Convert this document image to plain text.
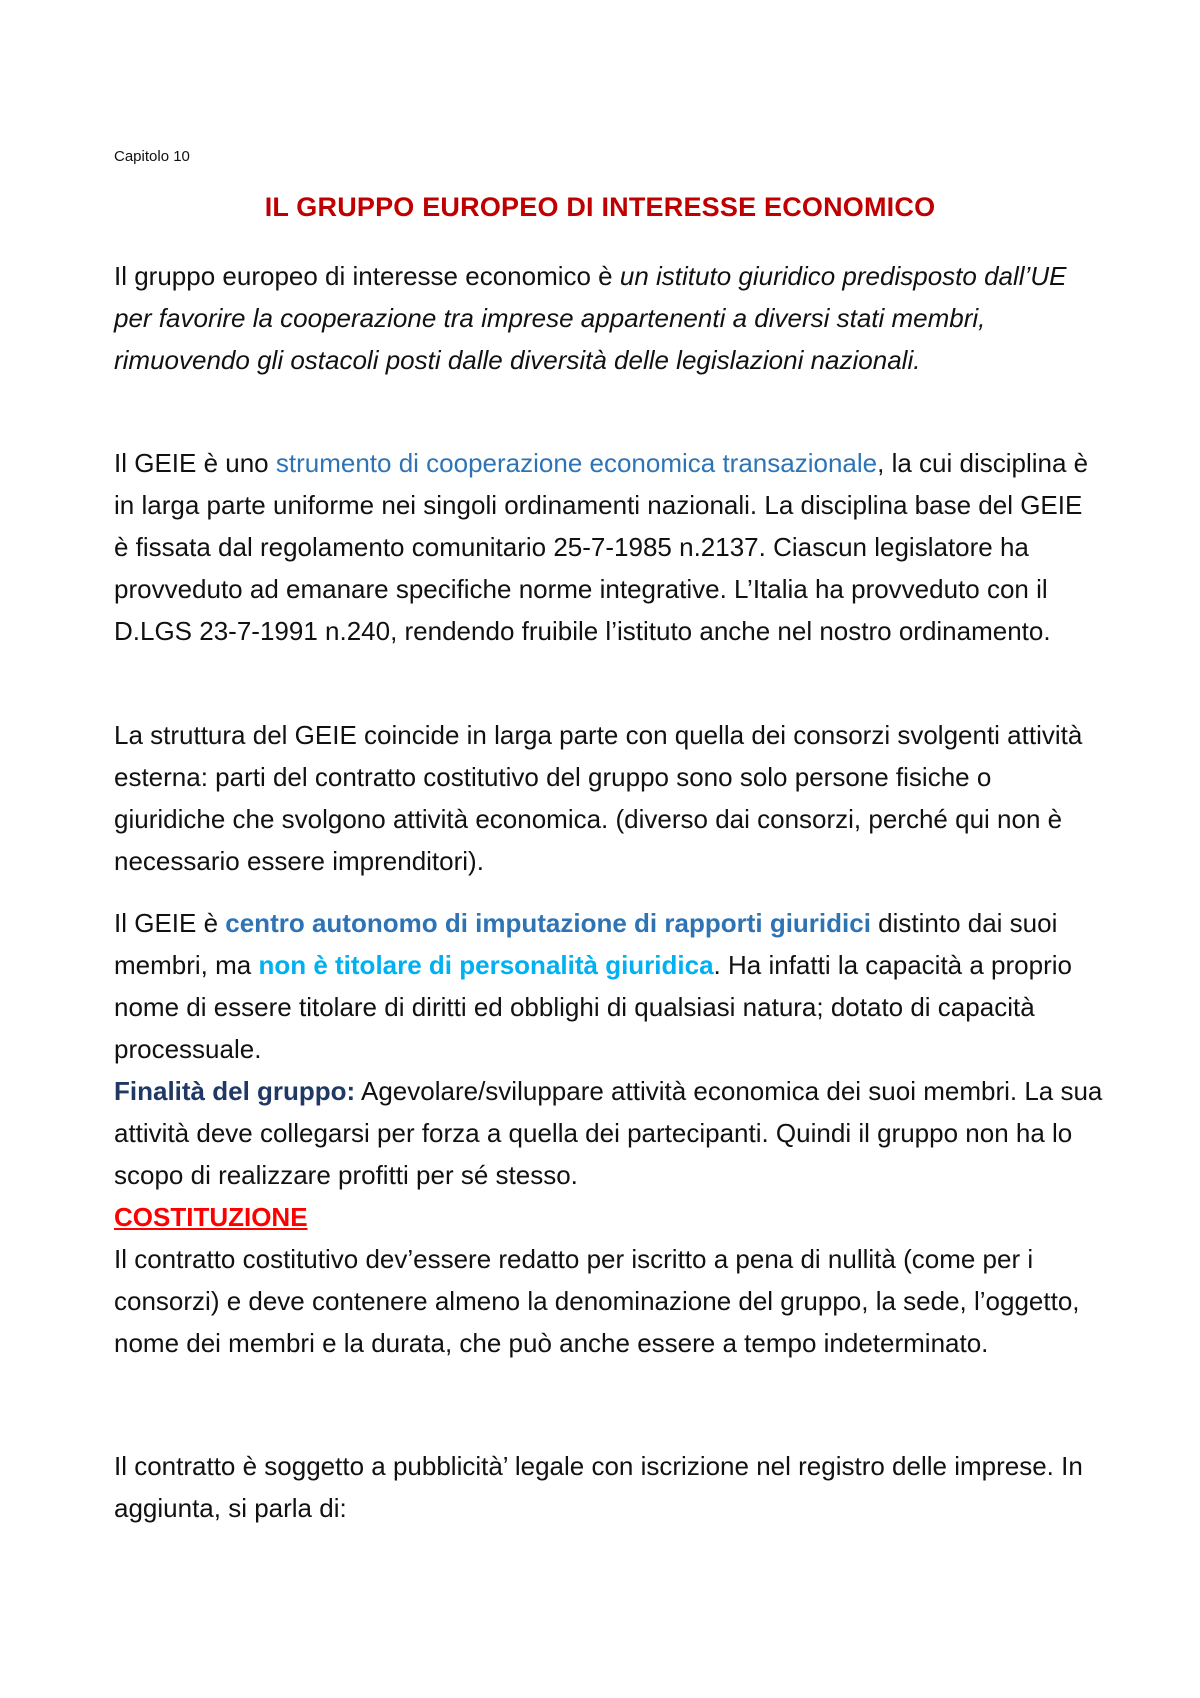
Capitolo 10
IL GRUPPO EUROPEO DI INTERESSE ECONOMICO

Il gruppo europeo di interesse economico è un istituto giuridico predisposto dall’UE per favorire la cooperazione tra imprese appartenenti a diversi stati membri, rimuovendo gli ostacoli posti dalle diversità delle legislazioni nazionali.

Il GEIE è uno strumento di cooperazione economica transazionale, la cui disciplina è in larga parte uniforme nei singoli ordinamenti nazionali. La disciplina base del GEIE è fissata dal regolamento comunitario 25-7-1985 n.2137. Ciascun legislatore ha provveduto ad emanare specifiche norme integrative. L’Italia ha provveduto con il D.LGS 23-7-1991 n.240, rendendo fruibile l’istituto anche nel nostro ordinamento.

La struttura del GEIE coincide in larga parte con quella dei consorzi svolgenti attività esterna: parti del contratto costitutivo del gruppo sono solo persone fisiche o giuridiche che svolgono attività economica. (diverso dai consorzi, perché qui non è necessario essere imprenditori).

Il GEIE è centro autonomo di imputazione di rapporti giuridici distinto dai suoi membri, ma non è titolare di personalità giuridica. Ha infatti la capacità a proprio nome di essere titolare di diritti ed obblighi di qualsiasi natura; dotato di capacità processuale.
Finalità del gruppo: Agevolare/sviluppare attività economica dei suoi membri. La sua attività deve collegarsi per forza a quella dei partecipanti. Quindi il gruppo non ha lo scopo di realizzare profitti per sé stesso.
COSTITUZIONE
Il contratto costitutivo dev’essere redatto per iscritto a pena di nullità (come per i consorzi) e deve contenere almeno la denominazione del gruppo, la sede, l’oggetto, nome dei membri e la durata, che può anche essere a tempo indeterminato.

Il contratto è soggetto a pubblicità’ legale con iscrizione nel registro delle imprese. In aggiunta, si parla di:
